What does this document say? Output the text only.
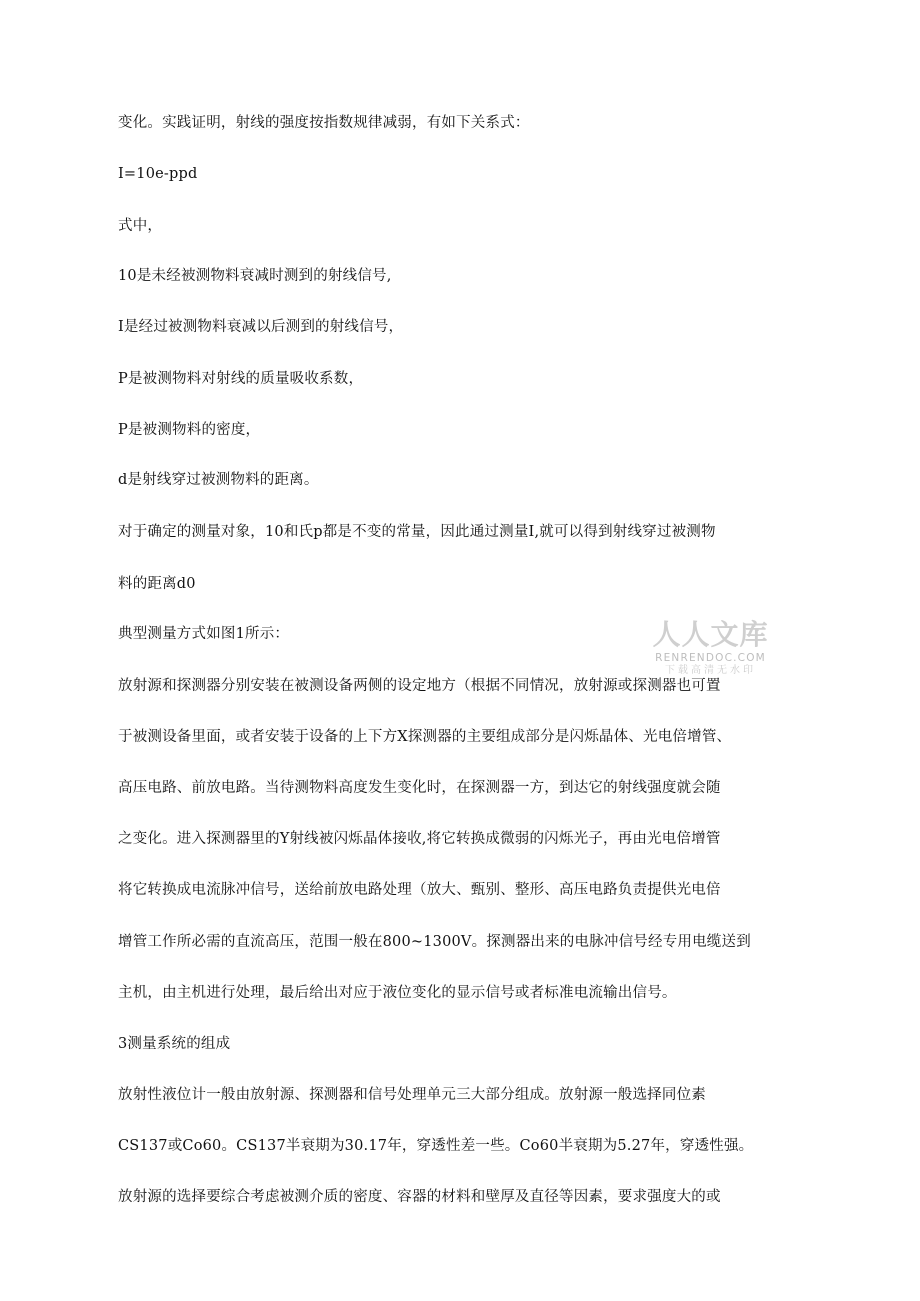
变化。实践证明，射线的强度按指数规律减弱，有如下关系式：
I=10e-ppd
式中，
10是未经被测物料衰减时测到的射线信号,
I是经过被测物料衰减以后测到的射线信号，
P是被测物料对射线的质量吸收系数，
P是被测物料的密度，
d是射线穿过被测物料的距离。
对于确定的测量对象，10和氏p都是不变的常量，因此通过测量I,就可以得到射线穿过被测物
料的距离d0
典型测量方式如图1所示：
放射源和探测器分别安装在被测设备两侧的设定地方（根据不同情况，放射源或探测器也可置
于被测设备里面，或者安装于设备的上下方X探测器的主要组成部分是闪烁晶体、光电倍增管、
高压电路、前放电路。当待测物料高度发生变化时，在探测器一方，到达它的射线强度就会随
之变化。进入探测器里的Y射线被闪烁晶体接收,将它转换成微弱的闪烁光子，再由光电倍增管
将它转换成电流脉冲信号，送给前放电路处理（放大、甄别、整形、高压电路负责提供光电倍
增管工作所必需的直流高压，范围一般在800~1300V。探测器出来的电脉冲信号经专用电缆送到
主机，由主机进行处理，最后给出对应于液位变化的显示信号或者标准电流输出信号。
3测量系统的组成
放射性液位计一般由放射源、探测器和信号处理单元三大部分组成。放射源一般选择同位素
CS137或Co60。CS137半衰期为30.17年，穿透性差一些。Co60半衰期为5.27年，穿透性强。
放射源的选择要综合考虑被测介质的密度、容器的材料和壁厚及直径等因素，要求强度大的或
人人文库
RENRENDOC.COM
下载高清无水印
